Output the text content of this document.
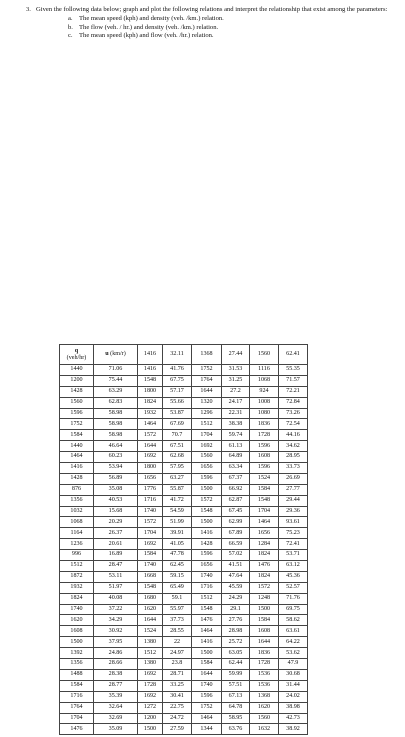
3. Given the following data below; graph and plot the following relations and interpret the relationship that exist among the parameters:
a. The mean speed (kph) and density (veh. /km.) relation.
b. The flow (veh. / hr.) and density (veh. /km.) relation.
c. The mean speed (kph) and flow (veh. /hr.) relation.
q
(veh/hr)	u (km/r)	1416	32.11	1368	27.44	1560	62.41
1440	71.06	1416	41.76	1752	31.53	1116	55.35
1200	75.44	1548	67.75	1764	31.25	1068	71.57
1428	63.29	1800	57.17	1644	27.2	924	72.21
1560	62.83	1824	55.66	1320	24.17	1008	72.84
1596	58.98	1932	53.87	1296	22.31	1080	73.26
1752	58.98	1464	67.69	1512	38.38	1836	72.54
1584	58.98	1572	70.7	1704	59.74	1728	44.16
1440	46.64	1644	67.51	1692	61.13	1596	34.62
1464	60.23	1692	62.68	1560	64.89	1608	28.95
1416	53.94	1800	57.95	1656	63.34	1596	33.73
1428	56.89	1656	63.27	1596	67.37	1524	26.69
876	35.08	1776	55.87	1500	66.92	1584	27.77
1356	40.53	1716	41.72	1572	62.87	1548	29.44
1032	15.68	1740	54.59	1548	67.45	1704	29.36
1068	20.29	1572	51.99	1500	62.99	1464	93.61
1164	26.37	1704	39.91	1416	67.89	1656	75.23
1236	20.61	1692	41.05	1428	66.59	1284	72.41
996	16.89	1584	47.78	1596	57.02	1824	53.71
1512	28.47	1740	62.45	1656	41.51	1476	63.12
1872	53.11	1668	59.15	1740	47.64	1824	45.36
1932	51.97	1548	65.49	1716	45.59	1572	52.57
1824	40.08	1680	59.1	1512	24.29	1248	71.76
1740	37.22	1620	55.97	1548	29.1	1500	69.75
1620	34.29	1644	37.73	1476	27.76	1584	58.62
1608	30.92	1524	28.55	1464	28.98	1608	63.61
1500	37.95	1380	22	1416	25.72	1644	64.22
1392	24.86	1512	24.97	1500	63.05	1836	53.62
1356	28.66	1380	23.8	1584	62.44	1728	47.9
1488	28.38	1692	28.71	1644	59.99	1536	30.68
1584	28.77	1728	33.25	1740	57.51	1536	31.44
1716	35.39	1692	30.41	1596	67.13	1368	24.02
1764	32.64	1272	22.75	1752	64.78	1620	38.98
1704	32.69	1200	24.72	1464	58.95	1560	42.73
1476	35.09	1500	27.59	1344	63.76	1632	38.92
